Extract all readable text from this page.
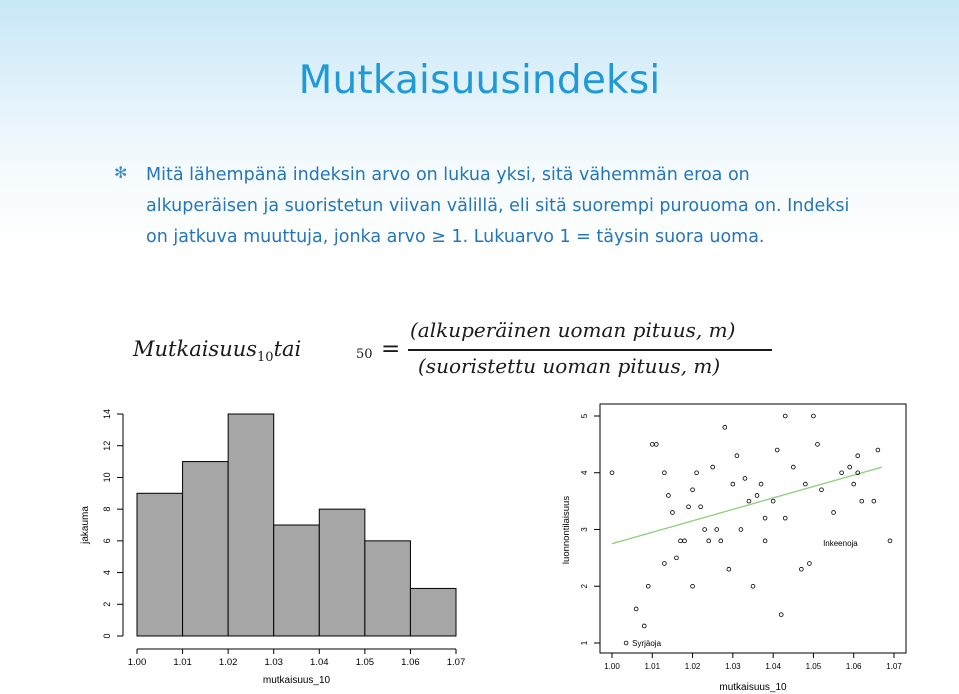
Mutkaisuusindeksi
✻ Mitä lähempänä indeksin arvo on lukua yksi, sitä vähemmän eroa on alkuperäisen ja suoristetun viivan välillä, eli sitä suorempi purouoma on. Indeksi on jatkuva muuttuja, jonka arvo ≥ 1. Lukuarvo 1 = täysin suora uoma.
Mutkaisuus$_{10}$tai	50 =
(alkuperäinen uoman pituus, m)
(suoristettu uoman pituus, m)
0
2
4
6
8
10
12
14
jakauma
1.00	1.01	1.02	1.03	1.04	1.05	1.06	1.07
mutkaisuus_10
1
2
3
4
5
luonnontilaisuus
1.00	1.01	1.02	1.03	1.04	1.05	1.06	1.07
mutkaisuus_10
Syrjäoja
Inkeenoja
